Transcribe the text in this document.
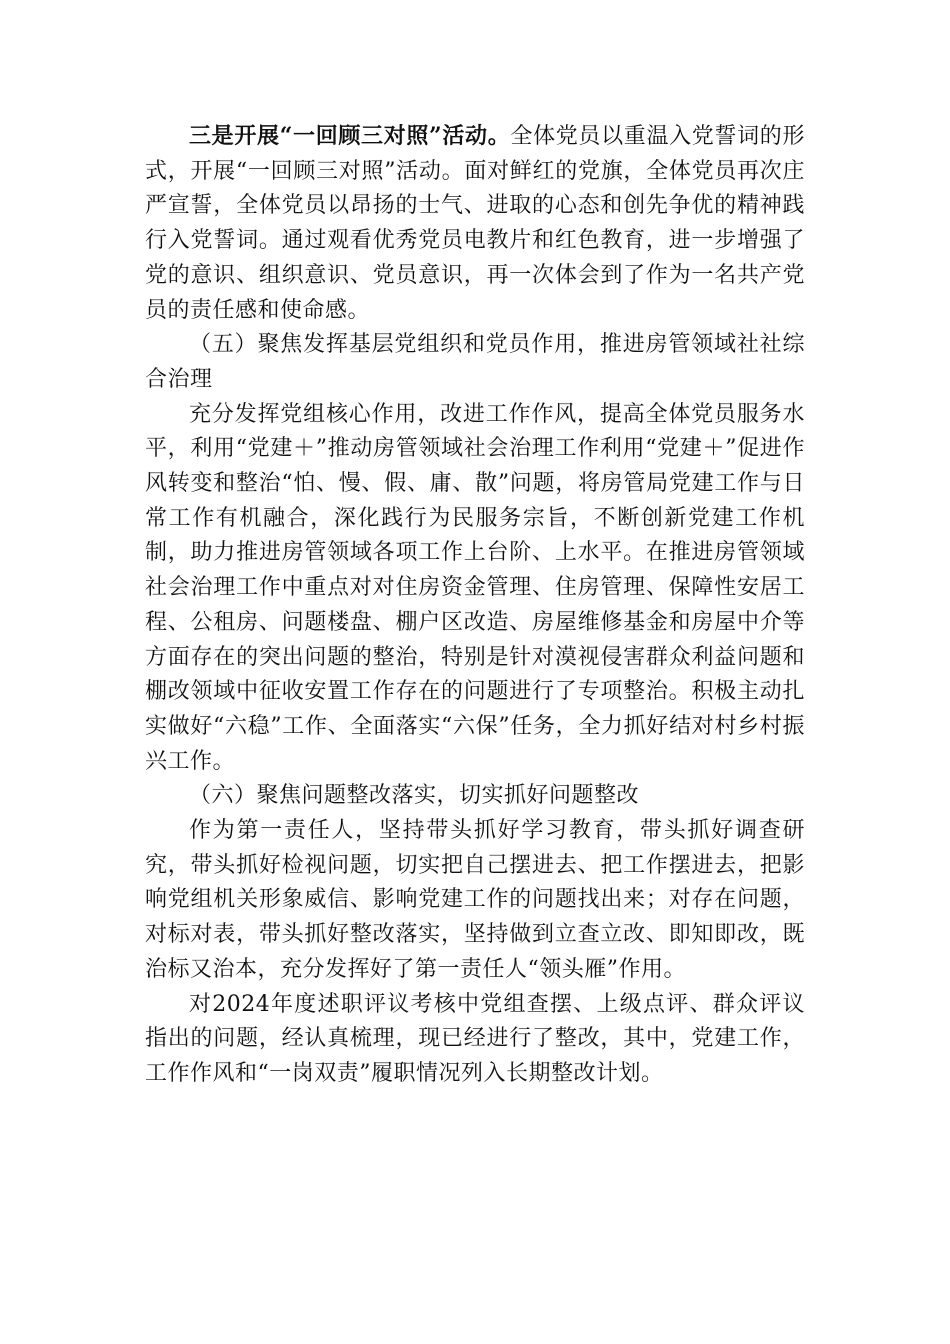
三是开展“一回顾三对照”活动。全体党员以重温入党誓词的形式，开展“一回顾三对照”活动。面对鲜红的党旗，全体党员再次庄严宣誓，全体党员以昂扬的士气、进取的心态和创先争优的精神践行入党誓词。通过观看优秀党员电教片和红色教育，进一步增强了党的意识、组织意识、党员意识，再一次体会到了作为一名共产党员的责任感和使命感。

（五）聚焦发挥基层党组织和党员作用，推进房管领域社社综合治理

充分发挥党组核心作用，改进工作作风，提高全体党员服务水平，利用“党建＋”推动房管领域社会治理工作利用“党建＋”促进作风转变和整治“怕、慢、假、庸、散”问题，将房管局党建工作与日常工作有机融合，深化践行为民服务宗旨，不断创新党建工作机制，助力推进房管领域各项工作上台阶、上水平。在推进房管领域社会治理工作中重点对对住房资金管理、住房管理、保障性安居工程、公租房、问题楼盘、棚户区改造、房屋维修基金和房屋中介等方面存在的突出问题的整治，特别是针对漠视侵害群众利益问题和棚改领域中征收安置工作存在的问题进行了专项整治。积极主动扎实做好“六稳”工作、全面落实“六保”任务，全力抓好结对村乡村振兴工作。

（六）聚焦问题整改落实，切实抓好问题整改

作为第一责任人，坚持带头抓好学习教育，带头抓好调查研究，带头抓好检视问题，切实把自己摆进去、把工作摆进去，把影响党组机关形象威信、影响党建工作的问题找出来；对存在问题，对标对表，带头抓好整改落实，坚持做到立查立改、即知即改，既治标又治本，充分发挥好了第一责任人“领头雁”作用。

对2024年度述职评议考核中党组查摆、上级点评、群众评议指出的问题，经认真梳理，现已经进行了整改，其中，党建工作，工作作风和“一岗双责”履职情况列入长期整改计划。
